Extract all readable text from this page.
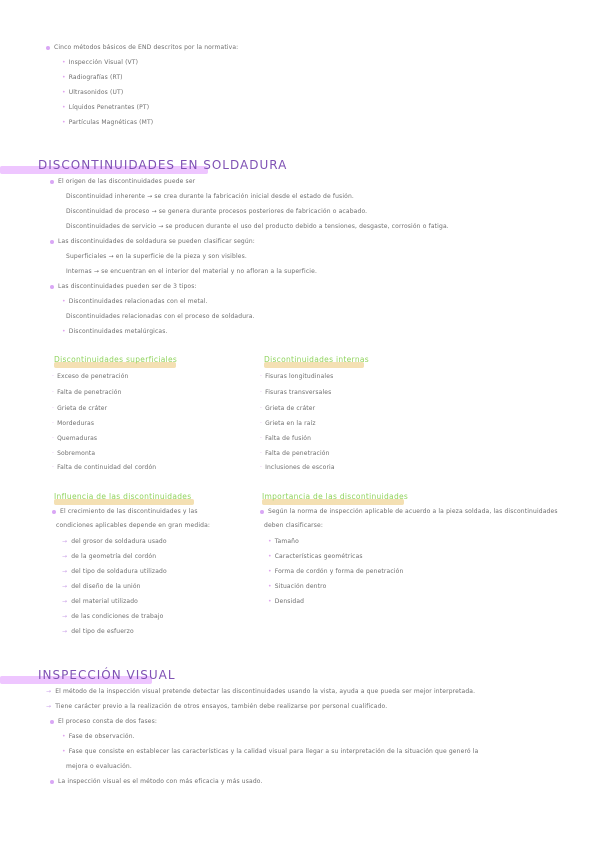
Cinco métodos básicos de END descritos por la normativa:
• Inspección Visual (VT)
• Radiografías (RT)
• Ultrasonidos (UT)
• Líquidos Penetrantes (PT)
• Partículas Magnéticas (MT)
DISCONTINUIDADES EN SOLDADURA
El origen de las discontinuidades puede ser
Discontinuidad inherente → se crea durante la fabricación inicial desde el estado de fusión.
Discontinuidad de proceso → se genera durante procesos posteriores de fabricación o acabado.
Discontinuidades de servicio → se producen durante el uso del producto debido a tensiones, desgaste, corrosión o fatiga.
Las discontinuidades de soldadura se pueden clasificar según:
Superficiales → en la superficie de la pieza y son visibles.
Internas → se encuentran en el interior del material y no afloran a la superficie.
Las discontinuidades pueden ser de 3 tipos:
• Discontinuidades relacionadas con el metal.
Discontinuidades relacionadas con el proceso de soldadura.
• Discontinuidades metalúrgicas.
Discontinuidades superficiales	Discontinuidades internas
· Exceso de penetración
· Falta de penetración
· Grieta de cráter
· Mordeduras
· Quemaduras
· Sobremonta
· Falta de continuidad del cordón
· Fisuras longitudinales
· Fisuras transversales
· Grieta de cráter
· Grieta en la raíz
· Falta de fusión
· Falta de penetración
· Inclusiones de escoria
Influencia de las discontinuidades	Importancia de las discontinuidades
El crecimiento de las discontinuidades y las
condiciones aplicables depende en gran medida:
→ del grosor de soldadura usado
→ de la geometría del cordón
→ del tipo de soldadura utilizado
→ del diseño de la unión
→ del material utilizado
→ de las condiciones de trabajo
→ del tipo de esfuerzo
Según la norma de inspección aplicable de acuerdo a la pieza soldada, las discontinuidades
deben clasificarse:
• Tamaño
• Características geométricas
• Forma de cordón y forma de penetración
• Situación dentro
• Densidad
INSPECCIÓN VISUAL
→ El método de la inspección visual pretende detectar las discontinuidades usando la vista, ayuda a que pueda ser mejor interpretada.
→ Tiene carácter previo a la realización de otros ensayos, también debe realizarse por personal cualificado.
El proceso consta de dos fases:
• Fase de observación.
• Fase que consiste en establecer las características y la calidad visual para llegar a su interpretación de la situación que generó la
mejora o evaluación.
La inspección visual es el método con más eficacia y más usado.
